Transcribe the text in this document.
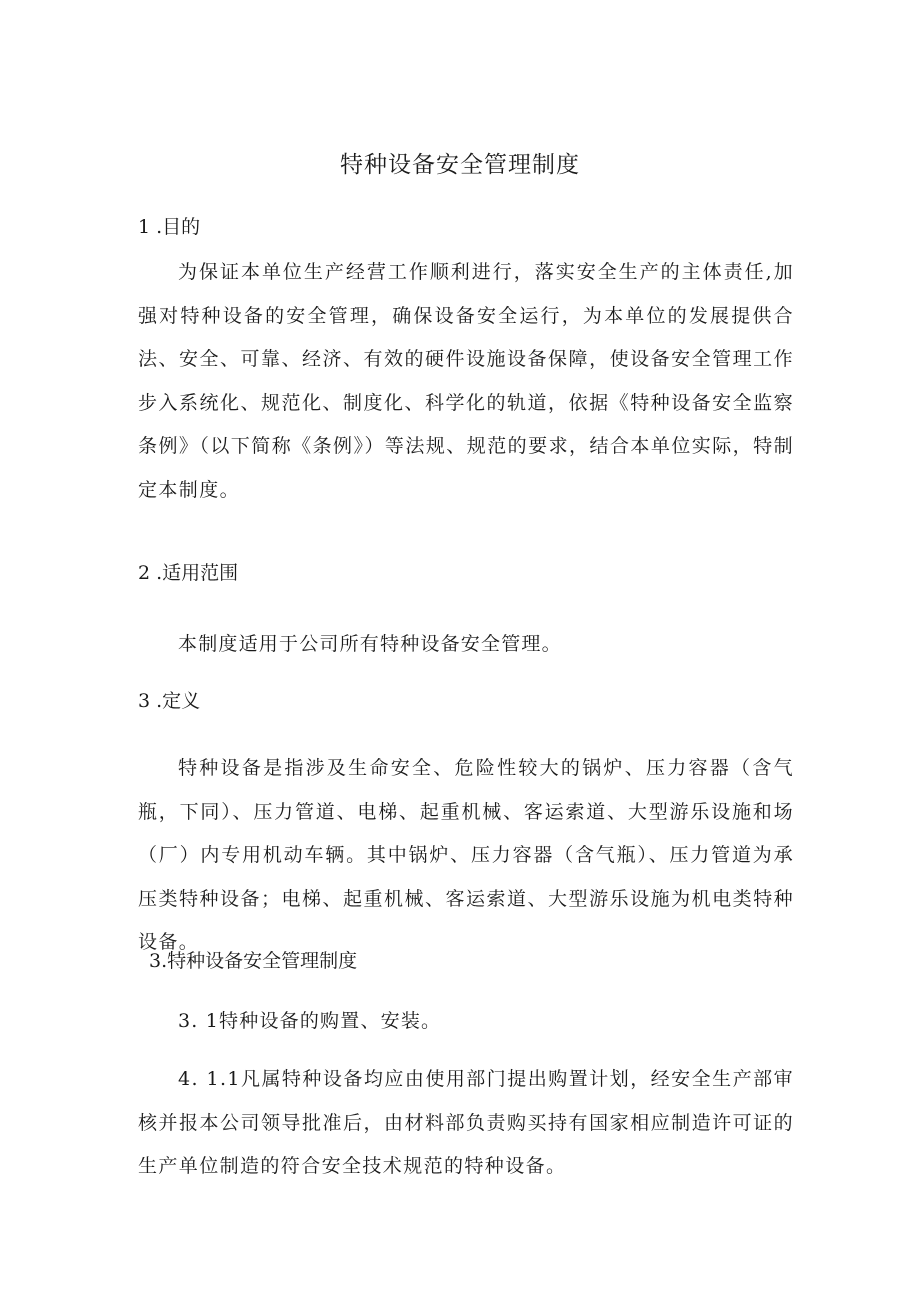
特种设备安全管理制度
1 .目的
为保证本单位生产经营工作顺利进行，落实安全生产的主体责任,加强对特种设备的安全管理，确保设备安全运行，为本单位的发展提供合法、安全、可靠、经济、有效的硬件设施设备保障，使设备安全管理工作步入系统化、规范化、制度化、科学化的轨道，依据《特种设备安全监察条例》（以下简称《条例》）等法规、规范的要求，结合本单位实际，特制定本制度。
2 .适用范围
本制度适用于公司所有特种设备安全管理。
3 .定义
特种设备是指涉及生命安全、危险性较大的锅炉、压力容器（含气瓶，下同）、压力管道、电梯、起重机械、客运索道、大型游乐设施和场（厂）内专用机动车辆。其中锅炉、压力容器（含气瓶）、压力管道为承压类特种设备；电梯、起重机械、客运索道、大型游乐设施为机电类特种设备。
3.特种设备安全管理制度
3. 1特种设备的购置、安装。
4. 1.1凡属特种设备均应由使用部门提出购置计划，经安全生产部审核并报本公司领导批准后，由材料部负责购买持有国家相应制造许可证的生产单位制造的符合安全技术规范的特种设备。
